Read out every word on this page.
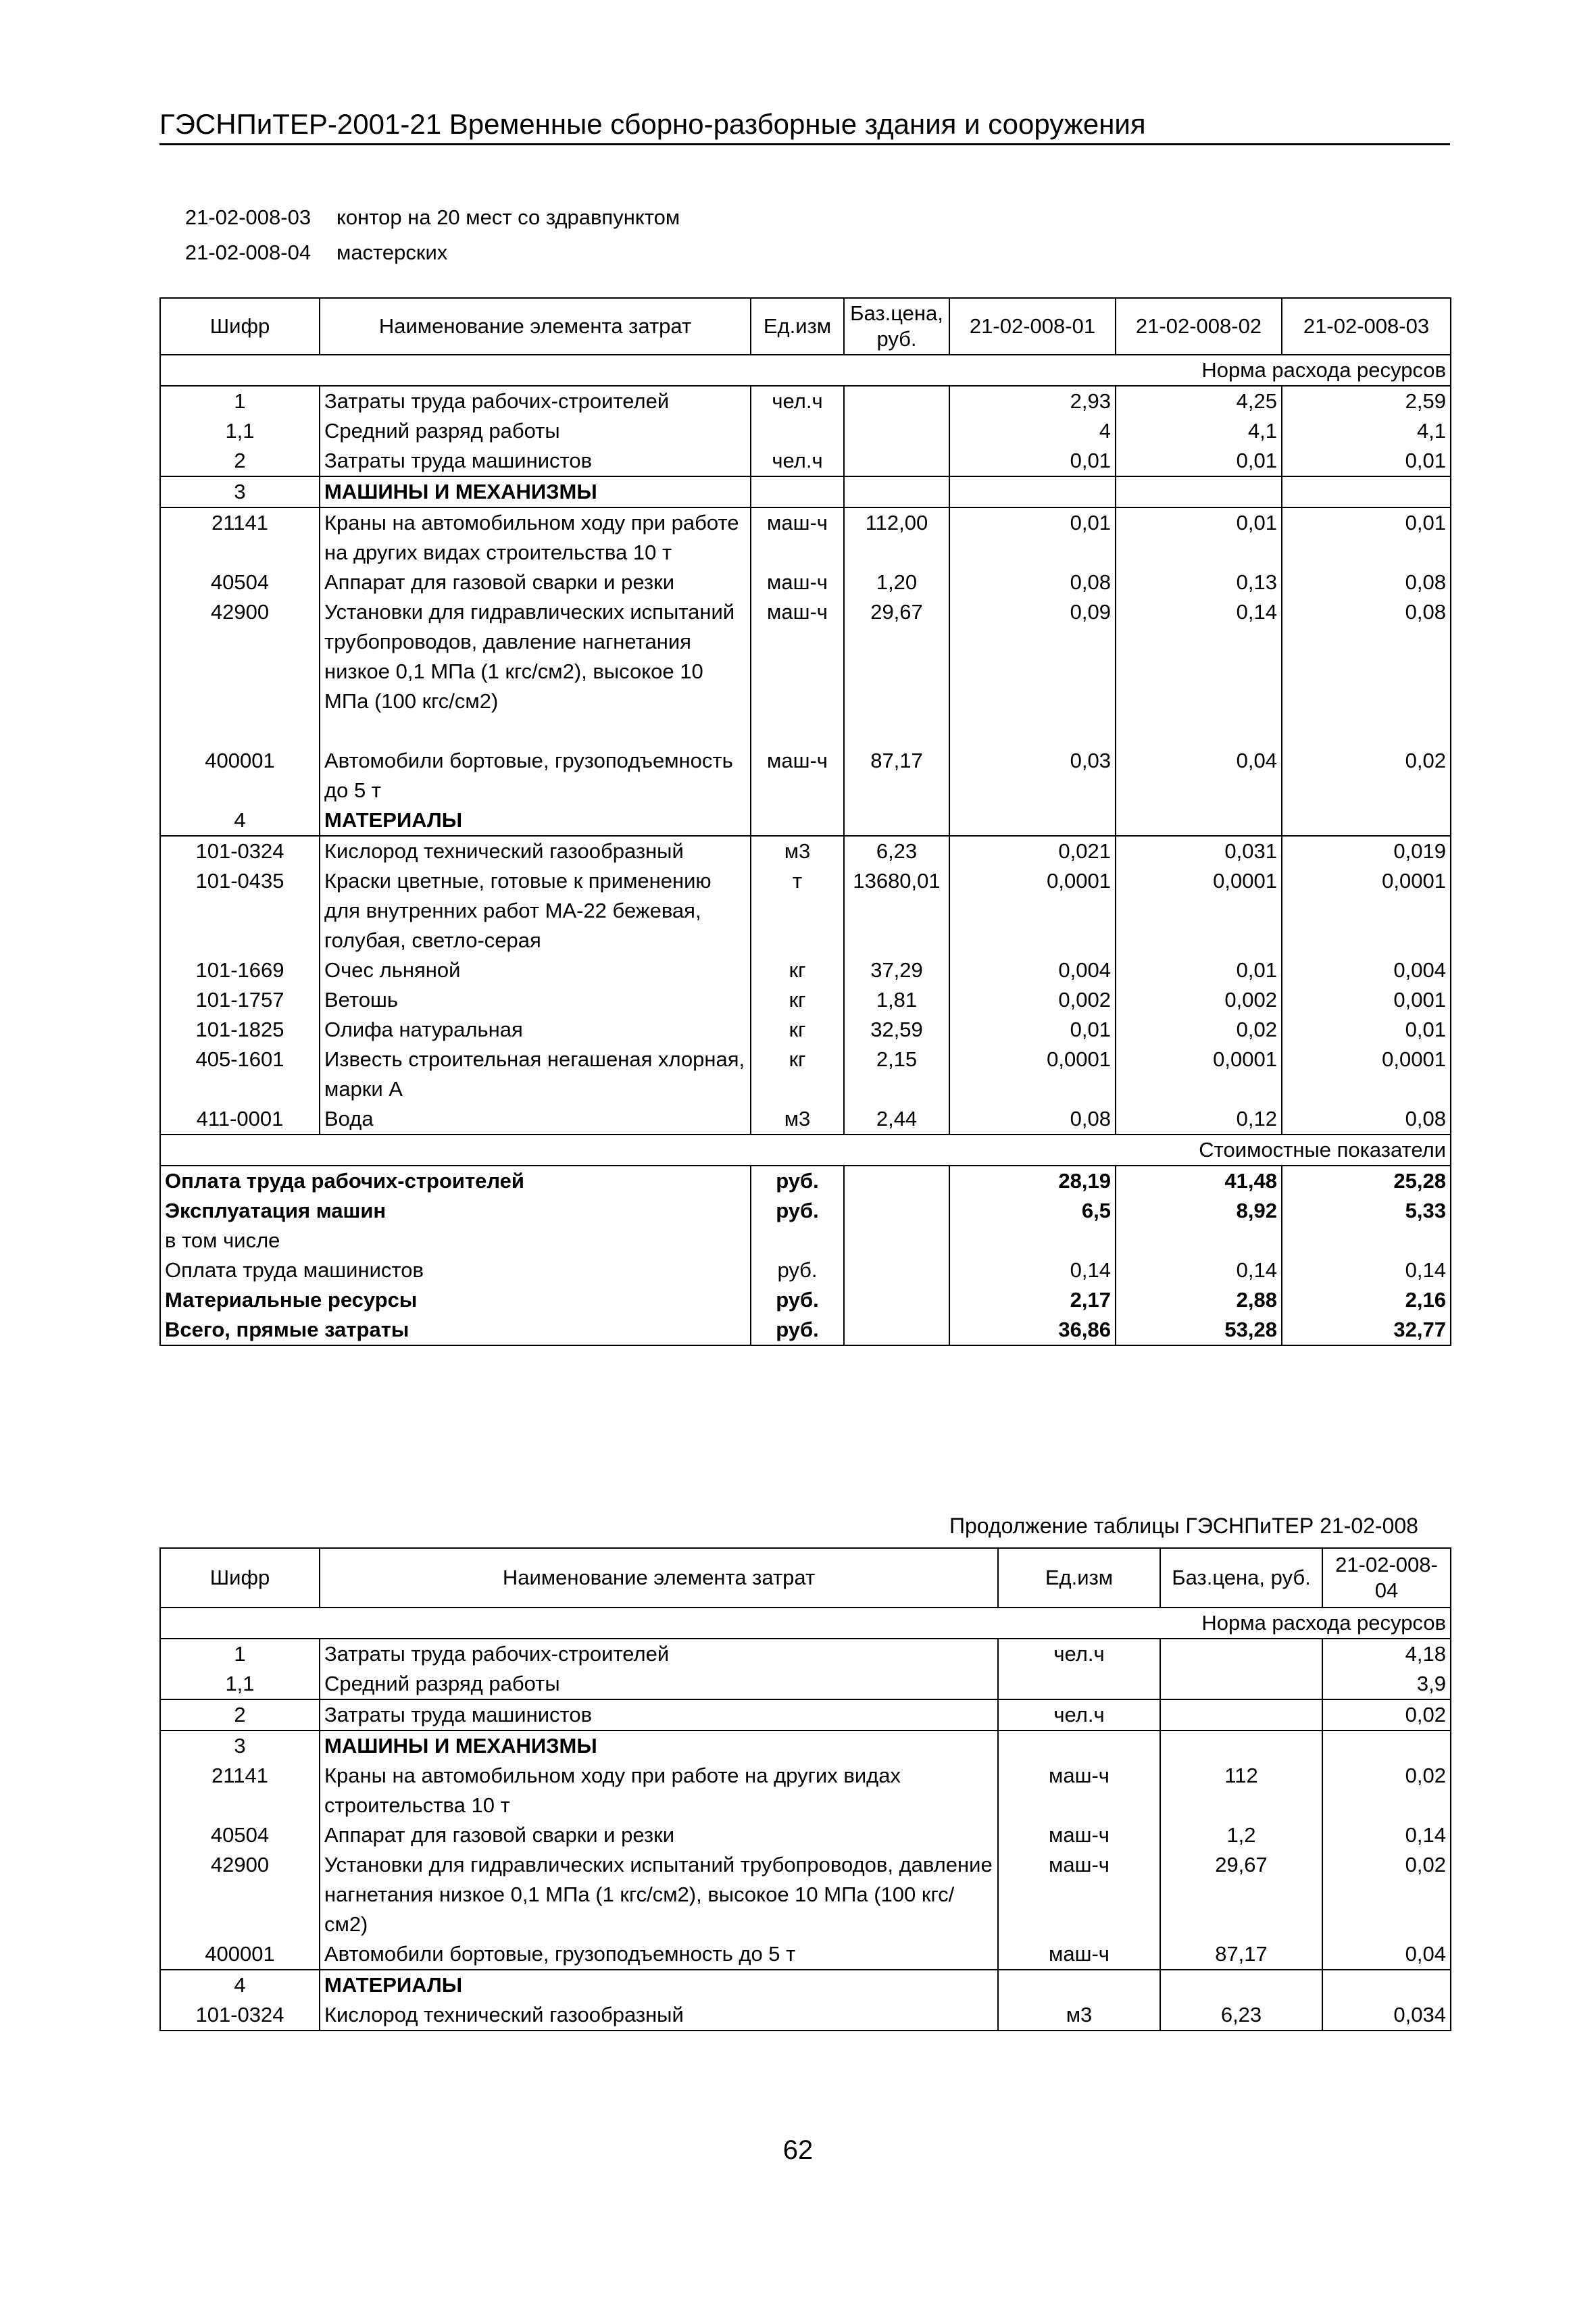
ГЭСНПиТЕР-2001-21 Временные сборно-разборные здания и сооружения
21-02-008-03	контор на 20 мест со здравпунктом
21-02-008-04	мастерских
Шифр	Наименование элемента затрат	Ед.изм	Баз.цена, руб.	21-02-008-01	21-02-008-02	21-02-008-03
Норма расхода ресурсов						
1	Затраты труда рабочих-строителей	чел.ч		2,93	4,25	2,59
1,1	Средний разряд работы			4	4,1	4,1
2	Затраты труда машинистов	чел.ч		0,01	0,01	0,01
3	МАШИНЫ И МЕХАНИЗМЫ					
21141	Краны на автомобильном ходу при работе на других видах строительства 10 т	маш-ч	112,00	0,01	0,01	0,01
40504	Аппарат для газовой сварки и резки	маш-ч	1,20	0,08	0,13	0,08
42900	Установки для гидравлических испытаний трубопроводов, давление нагнетания низкое 0,1 МПа (1 кгс/см2), высокое 10 МПа (100 кгс/см2)	маш-ч	29,67	0,09	0,14	0,08
400001	Автомобили бортовые, грузоподъемность до 5 т	маш-ч	87,17	0,03	0,04	0,02
4	МАТЕРИАЛЫ					
101-0324	Кислород технический газообразный	м3	6,23	0,021	0,031	0,019
101-0435	Краски цветные, готовые к применению для внутренних работ МА-22 бежевая, голубая, светло-серая	т	13680,01	0,0001	0,0001	0,0001
101-1669	Очес льняной	кг	37,29	0,004	0,01	0,004
101-1757	Ветошь	кг	1,81	0,002	0,002	0,001
101-1825	Олифа натуральная	кг	32,59	0,01	0,02	0,01
405-1601	Известь строительная негашеная хлорная, марки А	кг	2,15	0,0001	0,0001	0,0001
411-0001	Вода	м3	2,44	0,08	0,12	0,08
Стоимостные показатели						
Оплата труда рабочих-строителей		руб.		28,19	41,48	25,28
Эксплуатация машин		руб.		6,5	8,92	5,33
в том числе						
Оплата труда машинистов		руб.		0,14	0,14	0,14
Материальные ресурсы		руб.		2,17	2,88	2,16
Всего, прямые затраты		руб.		36,86	53,28	32,77
Продолжение таблицы ГЭСНПиТЕР 21-02-008
Шифр	Наименование элемента затрат	Ед.изм	Баз.цена, руб.	21-02-008-04
Норма расхода ресурсов				
1	Затраты труда рабочих-строителей	чел.ч		4,18
1,1	Средний разряд работы			3,9
2	Затраты труда машинистов	чел.ч		0,02
3	МАШИНЫ И МЕХАНИЗМЫ			
21141	Краны на автомобильном ходу при работе на других видах строительства 10 т	маш-ч	112	0,02
40504	Аппарат для газовой сварки и резки	маш-ч	1,2	0,14
42900	Установки для гидравлических испытаний трубопроводов, давление нагнетания низкое 0,1 МПа (1 кгс/см2), высокое 10 МПа (100 кгс/см2)	маш-ч	29,67	0,02
400001	Автомобили бортовые, грузоподъемность до 5 т	маш-ч	87,17	0,04
4	МАТЕРИАЛЫ			
101-0324	Кислород технический газообразный	м3	6,23	0,034
62
